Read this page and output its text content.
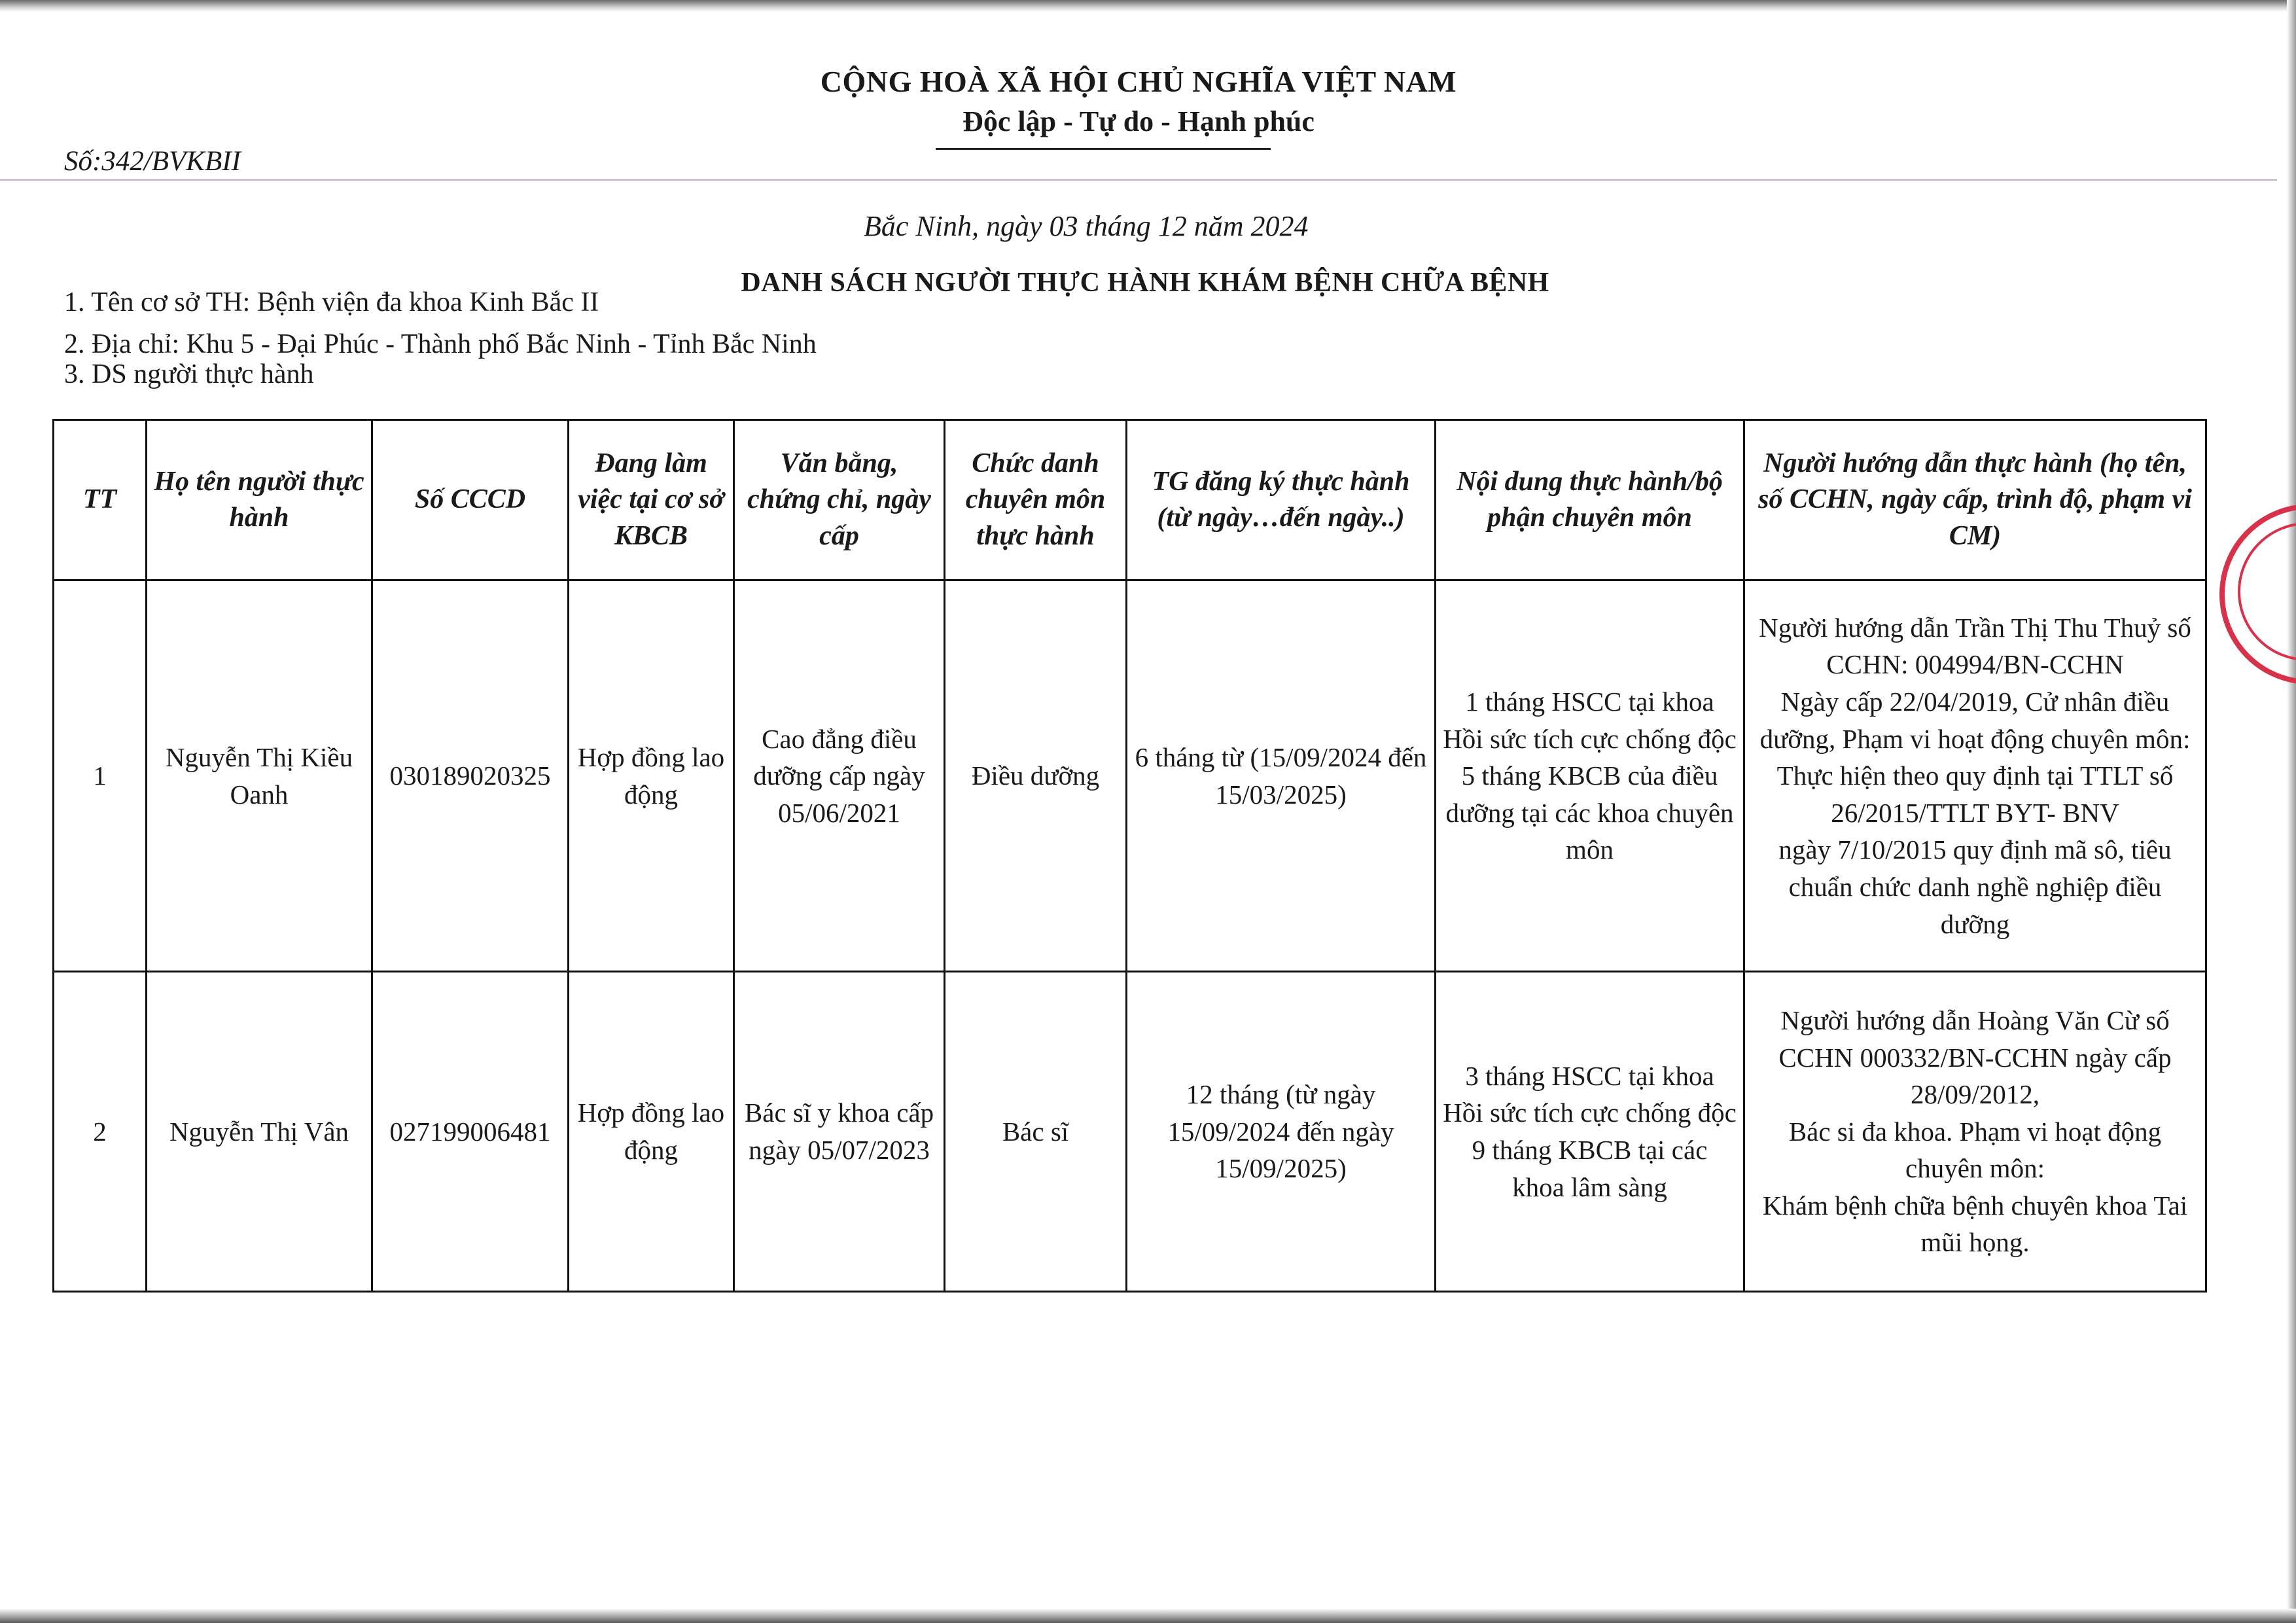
CỘNG HOÀ XÃ HỘI CHỦ NGHĨA VIỆT NAM
Độc lập - Tự do - Hạnh phúc
Số:342/BVKBII
Bắc Ninh, ngày 03 tháng 12 năm 2024
DANH SÁCH NGƯỜI THỰC HÀNH KHÁM BỆNH CHỮA BỆNH
1. Tên cơ sở TH: Bệnh viện đa khoa Kinh Bắc II
2. Địa chỉ: Khu 5 - Đại Phúc - Thành phố Bắc Ninh - Tỉnh Bắc Ninh
3. DS người thực hành
TT	Họ tên người thực hành	Số CCCD	Đang làm việc tại cơ sở KBCB	Văn bằng, chứng chỉ, ngày cấp	Chức danh chuyên môn thực hành	TG đăng ký thực hành (từ ngày…đến ngày..)	Nội dung thực hành/bộ phận chuyên môn	Người hướng dẫn thực hành (họ tên, số CCHN, ngày cấp, trình độ, phạm vi CM)
1	Nguyễn Thị Kiều Oanh	030189020325	Hợp đồng lao động	Cao đẳng điều dưỡng cấp ngày 05/06/2021	Điều dưỡng	6 tháng từ (15/09/2024 đến 15/03/2025)	1 tháng HSCC tại khoa Hồi sức tích cực chống độc
5 tháng KBCB của điều dưỡng tại các khoa chuyên môn	Người hướng dẫn Trần Thị Thu Thuỷ số CCHN: 004994/BN-CCHN
Ngày cấp 22/04/2019, Cử nhân điều dưỡng, Phạm vi hoạt động chuyên môn: Thực hiện theo quy định tại TTLT số 26/2015/TTLT BYT- BNV
ngày 7/10/2015 quy định mã sô, tiêu chuẩn chức danh nghề nghiệp điều dưỡng
2	Nguyễn Thị Vân	027199006481	Hợp đồng lao động	Bác sĩ y khoa cấp ngày 05/07/2023	Bác sĩ	12 tháng (từ ngày 15/09/2024 đến ngày 15/09/2025)	3 tháng HSCC tại khoa Hồi sức tích cực chống độc
9 tháng KBCB tại các khoa lâm sàng	Người hướng dẫn Hoàng Văn Cừ số CCHN 000332/BN-CCHN ngày cấp 28/09/2012,
Bác si đa khoa. Phạm vi hoạt động chuyên môn:
Khám bệnh chữa bệnh chuyên khoa Tai mũi họng.
